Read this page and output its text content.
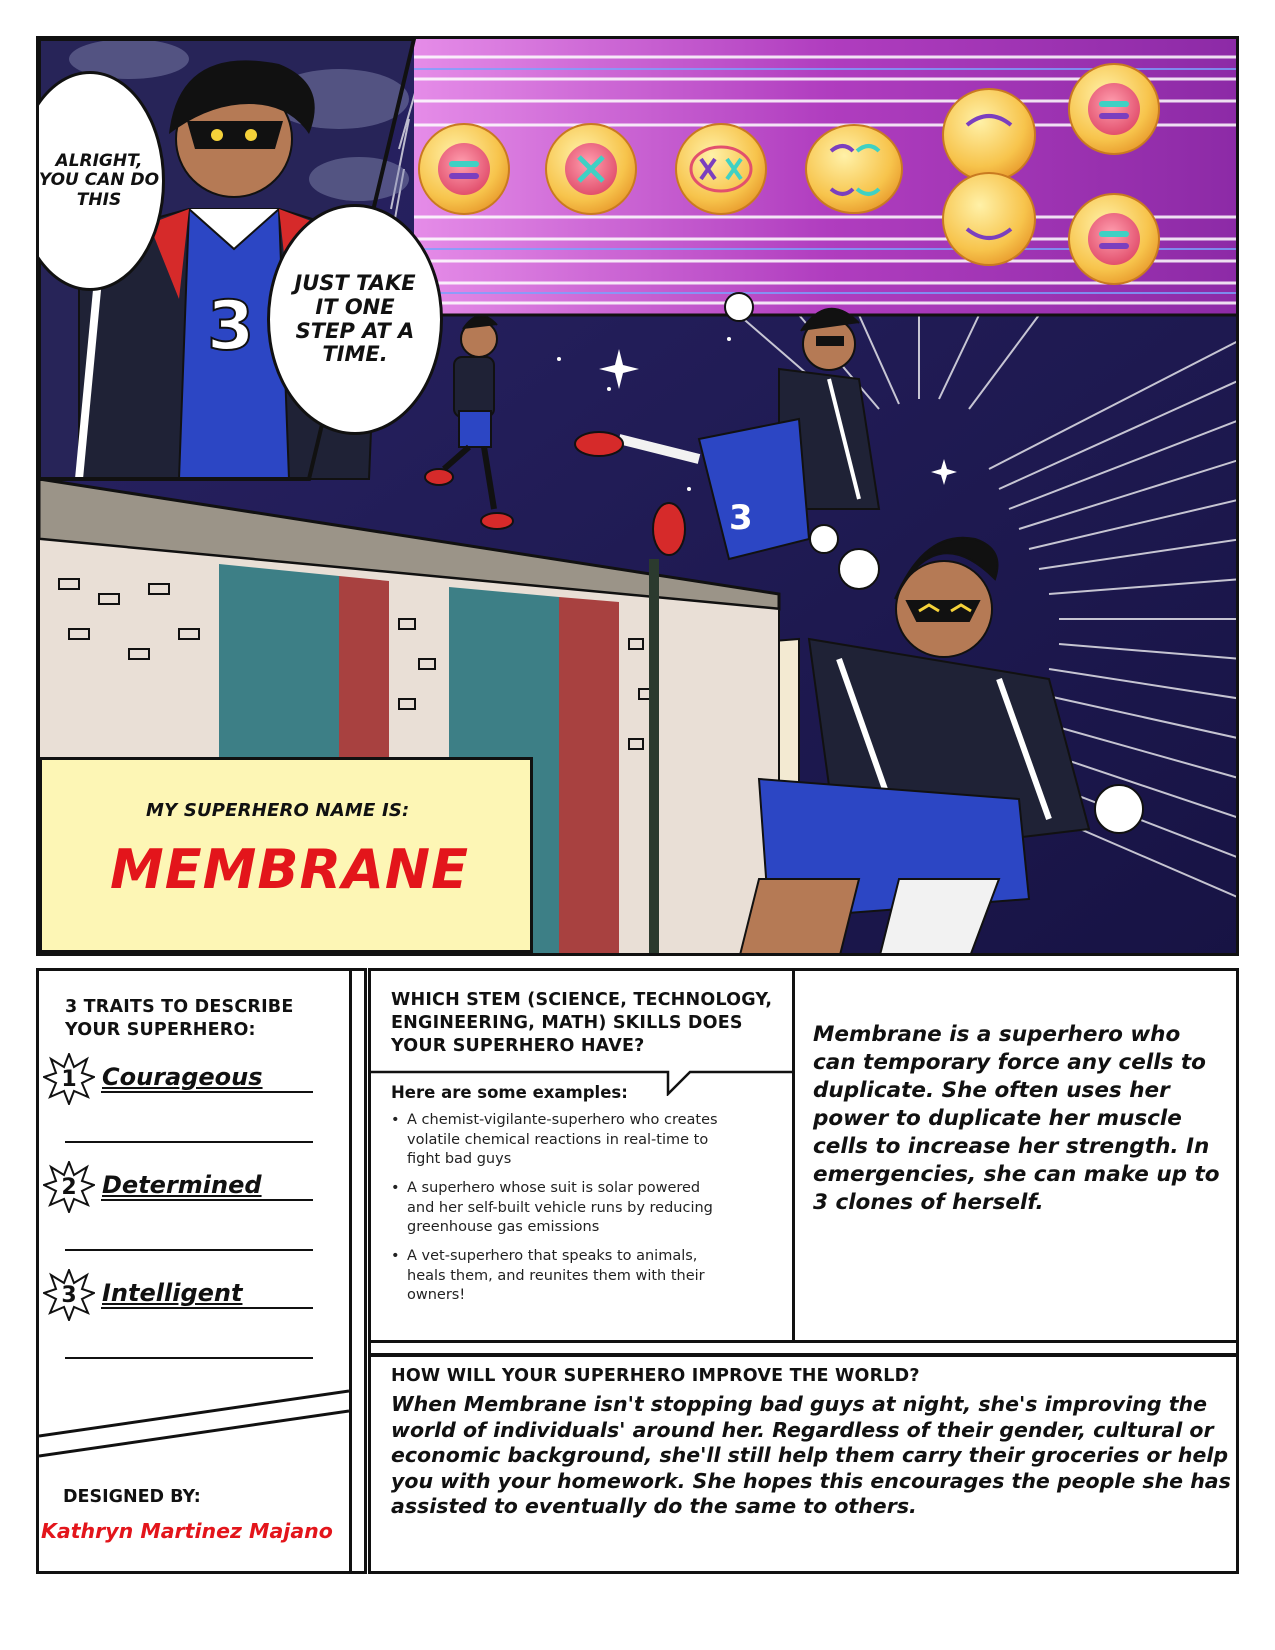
3
3
ALRIGHT, YOU CAN DO THIS
JUST TAKE IT ONE STEP AT A TIME.
MY SUPERHERO NAME IS:
MEMBRANE
3 TRAITS TO DESCRIBE YOUR SUPERHERO:
1	Courageous
2	Determined
3	Intelligent
DESIGNED BY:
Kathryn Martinez Majano
WHICH STEM (SCIENCE, TECHNOLOGY, ENGINEERING, MATH) SKILLS DOES YOUR SUPERHERO HAVE?
Here are some examples:
• A chemist-vigilante-superhero who creates volatile chemical reactions in real-time to fight bad guys
• A superhero whose suit is solar powered and her self-built vehicle runs by reducing greenhouse gas emissions
• A vet-superhero that speaks to animals, heals them, and reunites them with their owners!
Membrane is a superhero who can temporary force any cells to duplicate. She often uses her power to duplicate her muscle cells to increase her strength. In emergencies, she can make up to 3 clones of herself.
HOW WILL YOUR SUPERHERO IMPROVE THE WORLD?
When Membrane isn't stopping bad guys at night, she's improving the world of individuals' around her. Regardless of their gender, cultural or economic background, she'll still help them carry their groceries or help you with your homework. She hopes this encourages the people she has assisted to eventually do the same to others.
